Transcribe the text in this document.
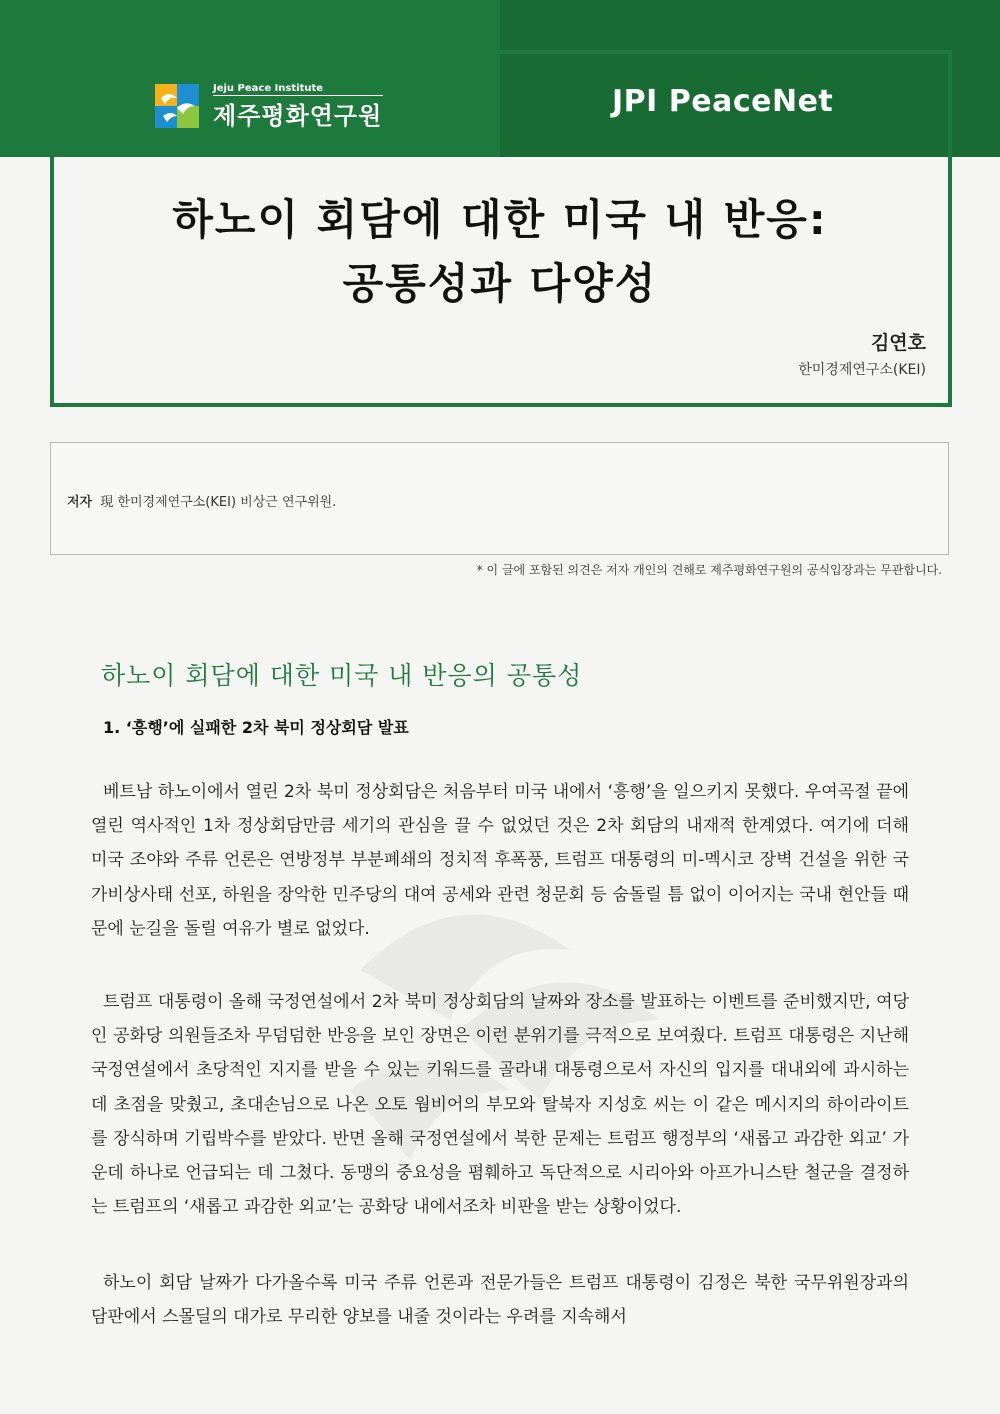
Jeju Peace Institute
제주평화연구원	JPI PeaceNet
하노이 회담에 대한 미국 내 반응:
공통성과 다양성
김연호
한미경제연구소(KEI)
저자 現 한미경제연구소(KEI) 비상근 연구위원.
* 이 글에 포함된 의견은 저자 개인의 견해로 제주평화연구원의 공식입장과는 무관합니다.
하노이 회담에 대한 미국 내 반응의 공통성
1. ‘흥행’에 실패한 2차 북미 정상회담 발표

베트남 하노이에서 열린 2차 북미 정상회담은 처음부터 미국 내에서 ‘흥행’을 일으키지 못했다. 우여곡절 끝에 열린 역사적인 1차 정상회담만큼 세기의 관심을 끌 수 없었던 것은 2차 회담의 내재적 한계였다. 여기에 더해 미국 조야와 주류 언론은 연방정부 부분폐쇄의 정치적 후폭풍, 트럼프 대통령의 미-멕시코 장벽 건설을 위한 국가비상사태 선포, 하원을 장악한 민주당의 대여 공세와 관련 청문회 등 숨돌릴 틈 없이 이어지는 국내 현안들 때문에 눈길을 돌릴 여유가 별로 없었다.

트럼프 대통령이 올해 국정연설에서 2차 북미 정상회담의 날짜와 장소를 발표하는 이벤트를 준비했지만, 여당인 공화당 의원들조차 무덤덤한 반응을 보인 장면은 이런 분위기를 극적으로 보여줬다. 트럼프 대통령은 지난해 국정연설에서 초당적인 지지를 받을 수 있는 키워드를 골라내 대통령으로서 자신의 입지를 대내외에 과시하는 데 초점을 맞췄고, 초대손님으로 나온 오토 웜비어의 부모와 탈북자 지성호 씨는 이 같은 메시지의 하이라이트를 장식하며 기립박수를 받았다. 반면 올해 국정연설에서 북한 문제는 트럼프 행정부의 ‘새롭고 과감한 외교’ 가운데 하나로 언급되는 데 그쳤다. 동맹의 중요성을 폄훼하고 독단적으로 시리아와 아프가니스탄 철군을 결정하는 트럼프의 ‘새롭고 과감한 외교’는 공화당 내에서조차 비판을 받는 상황이었다.

하노이 회담 날짜가 다가올수록 미국 주류 언론과 전문가들은 트럼프 대통령이 김정은 북한 국무위원장과의 담판에서 스몰딜의 대가로 무리한 양보를 내줄 것이라는 우려를 지속해서
